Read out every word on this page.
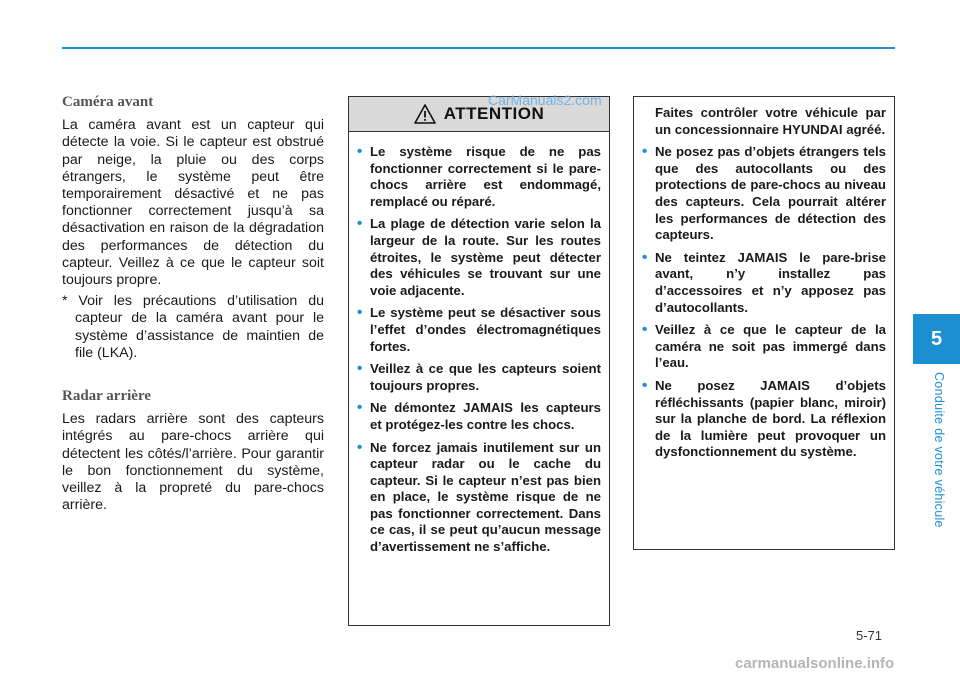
Caméra avant

La caméra avant est un capteur qui détecte la voie. Si le capteur est obstrué par neige, la pluie ou des corps étrangers, le système peut être temporairement désactivé et ne pas fonctionner correctement jusqu’à sa désactivation en raison de la dégradation des performances de détection du capteur. Veillez à ce que le capteur soit toujours propre.

* Voir les précautions d’utilisation du capteur de la caméra avant pour le système d’assistance de maintien de file (LKA).

Radar arrière

Les radars arrière sont des capteurs intégrés au pare-chocs arrière qui détectent les côtés/l’arrière. Pour garantir le bon fonctionnement du système, veillez à la propreté du pare-chocs arrière.

ATTENTION
• Le système risque de ne pas fonctionner correctement si le pare-chocs arrière est endommagé, remplacé ou réparé.
• La plage de détection varie selon la largeur de la route. Sur les routes étroites, le système peut détecter des véhicules se trouvant sur une voie adjacente.
• Le système peut se désactiver sous l’effet d’ondes électromagnétiques fortes.
• Veillez à ce que les capteurs soient toujours propres.
• Ne démontez JAMAIS les capteurs et protégez-les contre les chocs.
• Ne forcez jamais inutilement sur un capteur radar ou le cache du capteur. Si le capteur n’est pas bien en place, le système risque de ne pas fonctionner correctement. Dans ce cas, il se peut qu’aucun message d’avertissement ne s’affiche.
CarManuals2.com

Faites contrôler votre véhicule par un concessionnaire HYUNDAI agréé.

• Ne posez pas d’objets étrangers tels que des autocollants ou des protections de pare-chocs au niveau des capteurs. Cela pourrait altérer les performances de détection des capteurs.
• Ne teintez JAMAIS le pare-brise avant, n’y installez pas d’accessoires et n’y apposez pas d’autocollants.
• Veillez à ce que le capteur de la caméra ne soit pas immergé dans l’eau.
• Ne posez JAMAIS d’objets réfléchissants (papier blanc, miroir) sur la planche de bord. La réflexion de la lumière peut provoquer un dysfonctionnement du système.
5
Conduite de votre véhicule
5-71
carmanualsonline.info
